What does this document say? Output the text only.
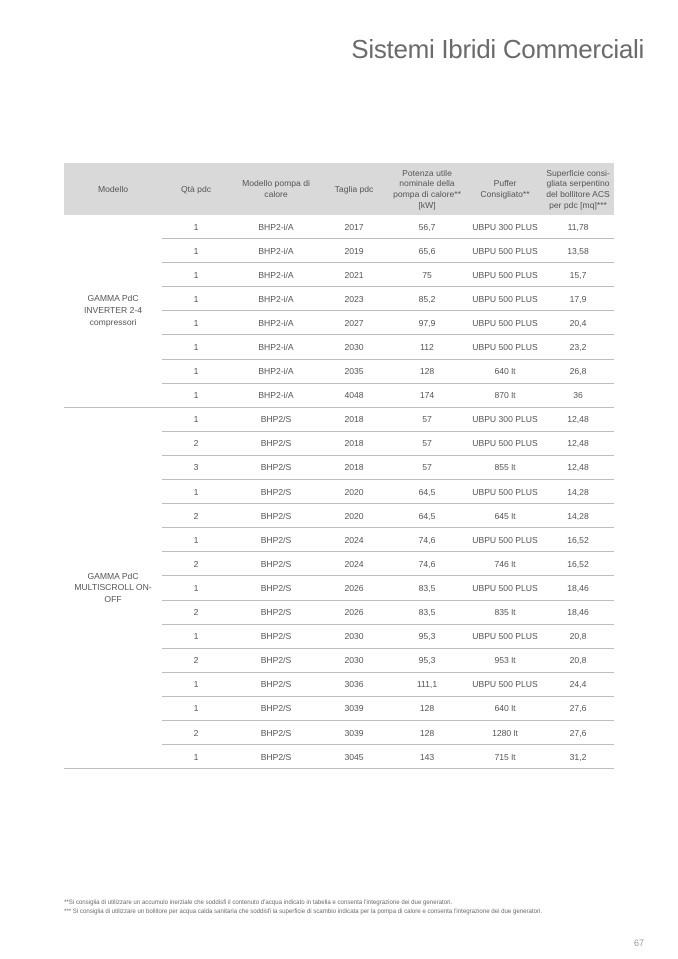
Sistemi Ibridi Commerciali
Modello	Qtà pdc	Modello pompa di calore	Taglia pdc	Potenza utile nominale della pompa di calore** [kW]	Puffer Consigliato**	Superficie consi-gliata serpentino del bollitore ACS per pdc [mq]***
GAMMA PdC INVERTER 2-4 compressori	1	BHP2-i/A	2017	56,7	UBPU 300 PLUS	11,78
	1	BHP2-i/A	2019	65,6	UBPU 500 PLUS	13,58
	1	BHP2-i/A	2021	75	UBPU 500 PLUS	15,7
	1	BHP2-i/A	2023	85,2	UBPU 500 PLUS	17,9
	1	BHP2-i/A	2027	97,9	UBPU 500 PLUS	20,4
	1	BHP2-i/A	2030	112	UBPU 500 PLUS	23,2
	1	BHP2-i/A	2035	128	640 lt	26,8
	1	BHP2-i/A	4048	174	870 lt	36
GAMMA PdC MULTISCROLL ON-OFF	1	BHP2/S	2018	57	UBPU 300 PLUS	12,48
	2	BHP2/S	2018	57	UBPU 500 PLUS	12,48
	3	BHP2/S	2018	57	855 lt	12,48
	1	BHP2/S	2020	64,5	UBPU 500 PLUS	14,28
	2	BHP2/S	2020	64,5	645 lt	14,28
	1	BHP2/S	2024	74,6	UBPU 500 PLUS	16,52
	2	BHP2/S	2024	74,6	746 lt	16,52
	1	BHP2/S	2026	83,5	UBPU 500 PLUS	18,46
	2	BHP2/S	2026	83,5	835 lt	18,46
	1	BHP2/S	2030	95,3	UBPU 500 PLUS	20,8
	2	BHP2/S	2030	95,3	953 lt	20,8
	1	BHP2/S	3036	111,1	UBPU 500 PLUS	24,4
	1	BHP2/S	3039	128	640 lt	27,6
	2	BHP2/S	3039	128	1280 lt	27,6
	1	BHP2/S	3045	143	715 lt	31,2
**Si consiglia di utilizzare un accumulo inerziale che soddisfi il contenuto d'acqua indicato in tabella e consenta l'integrazione dei due generatori.
*** Si consiglia di utilizzare un bollitore per acqua calda sanitaria che soddisfi la superficie di scambio indicata per la pompa di calore e consenta l'integrazione dei due generatori.
67
